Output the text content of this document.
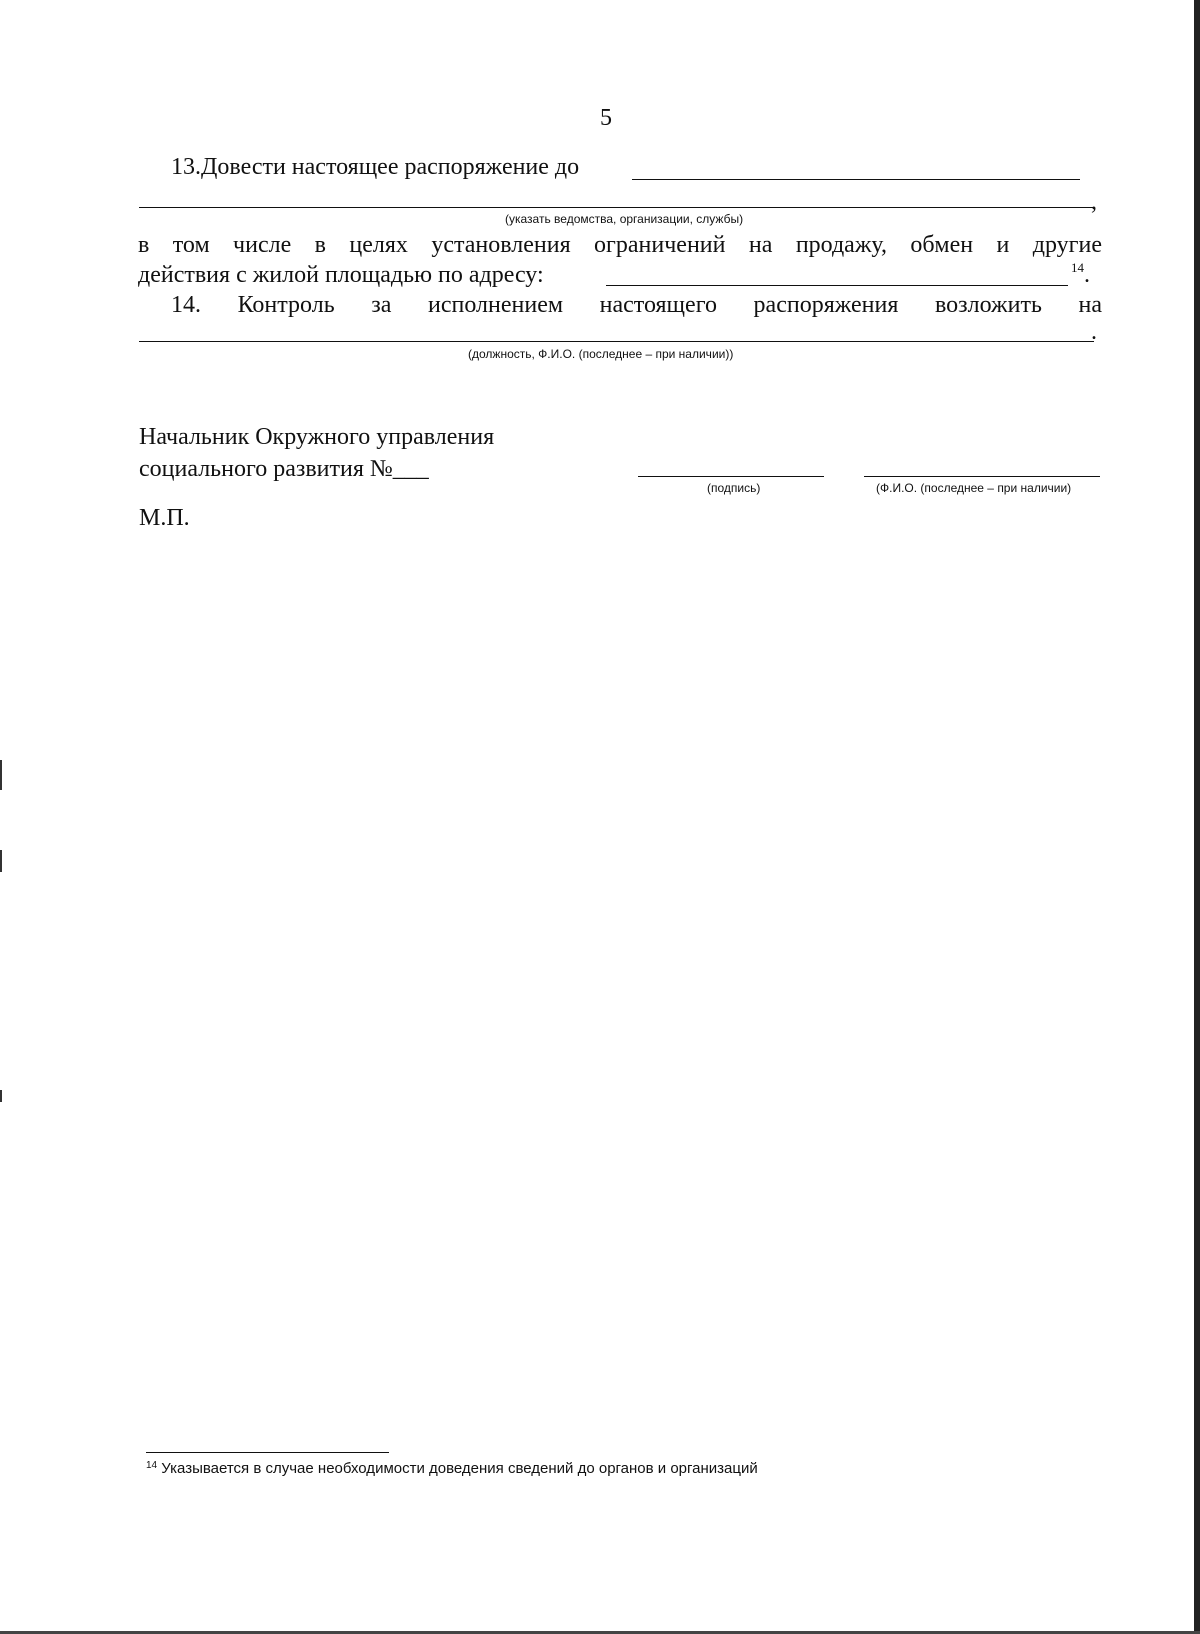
5
13.Довести настоящее распоряжение до
,
(указать ведомства, организации, службы)
в том числе в целях установления ограничений на продажу, обмен и другие
действия с жилой площадью по адресу:	$^{14}$.
14. Контроль за исполнением настоящего распоряжения возложить на
.
(должность, Ф.И.О. (последнее – при наличии))
Начальник Окружного управления
социального развития №___
(подпись)	(Ф.И.О. (последнее – при наличии)
М.П.
$^{14}$ Указывается в случае необходимости доведения сведений до органов и организаций
